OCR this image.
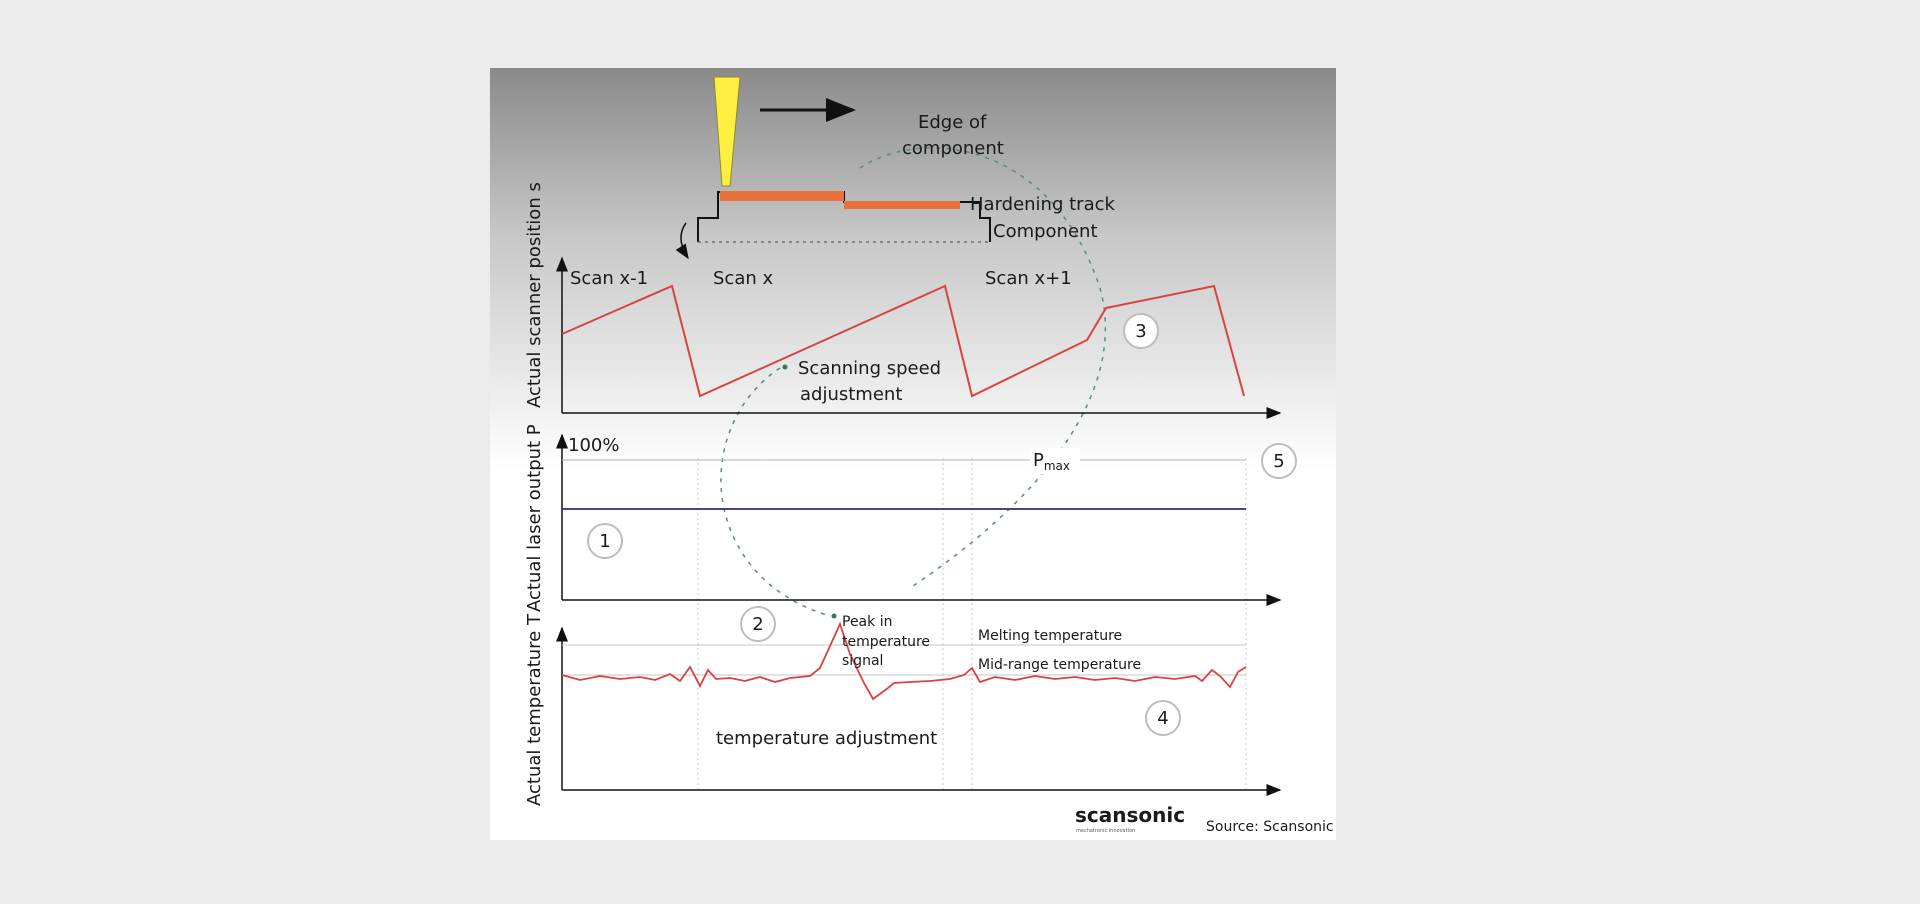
Edge of
component
Hardening track
Component
Actual scanner position s
Actual laser output P
Actual temperature T
Scan x-1	Scan x	Scan x+1
Scanning speed
adjustment
100%
$P_{max}$
Peak in
temperature
signal
Melting temperature
Mid-range temperature
temperature adjustment
1
2
3
4
5
scansonic
mechatronic innovation	Source: Scansonic
